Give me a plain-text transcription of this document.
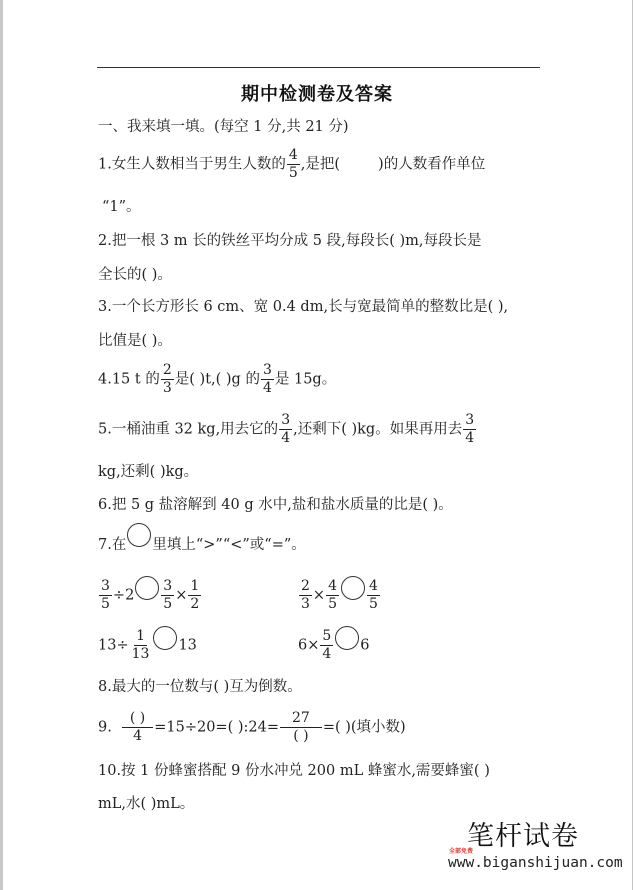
期中检测卷及答案
一、我来填一填。(每空 1 分,共 21 分)
1.女生人数相当于男生人数的 $\frac{4}{5}$ ,是把(	)的人数看作单位
“1”。
2.把一根 3 m 长的铁丝平均分成 5 段,每段长( )m,每段长是
全长的( )。
3.一个长方形长 6 cm、宽 0.4 dm,长与宽最简单的整数比是( ),
比值是( )。
4.15 t 的 $\frac{2}{3}$ 是( )t,( )g 的 $\frac{3}{4}$ 是 15g。
5.一桶油重 32 kg,用去它的 $\frac{3}{4}$ ,还剩下( )kg。如果再用去 $\frac{3}{4}$
kg,还剩( )kg。
6.把 5 g 盐溶解到 40 g 水中,盐和盐水质量的比是( )。
7.在 里填上“>”“<”或“=”。
$\frac{3}{5} \div 2 \frac{3}{5} \times \frac{1}{2}$	$\frac{2}{3} \times \frac{4}{5} \frac{4}{5}$
$13\div \frac{1}{13} 13$	$6\times \frac{5}{4} 6$
8.最大的一位数与( )互为倒数。
9. $\frac{( )}{4} =15\div 20=$( ):24= $\frac{27}{( )}$ =( )(填小数)
10.按 1 份蜂蜜搭配 9 份水冲兑 200 mL 蜂蜜水,需要蜂蜜( )
mL,水( )mL。
笔杆试卷
全部免费
www.biganshijuan.com
